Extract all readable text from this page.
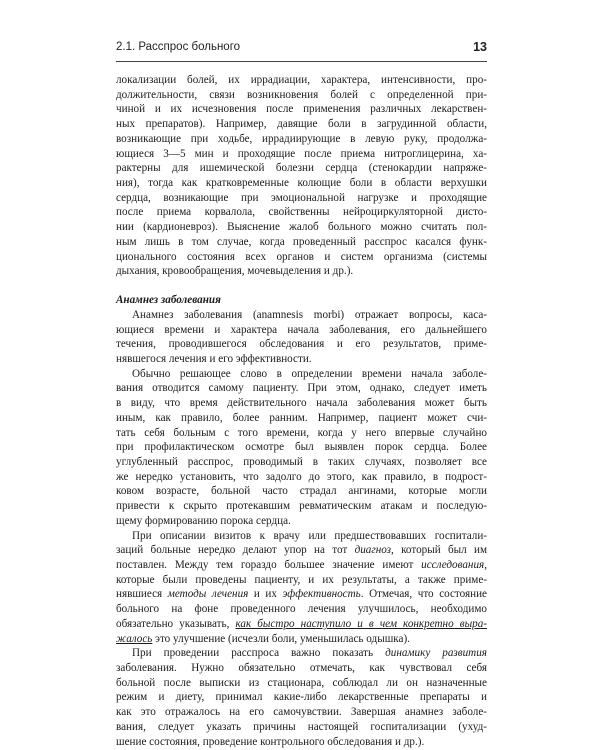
2.1. Расспрос больного	13
локализации болей, их иррадиации, характера, интенсивности, про-
должительности, связи возникновения болей с определенной при-
чиной и их исчезновения после применения различных лекарствен-
ных препаратов). Например, давящие боли в загрудинной области,
возникающие при ходьбе, иррадиирующие в левую руку, продолжа-
ющиеся 3—5 мин и проходящие после приема нитроглицерина, ха-
рактерны для ишемической болезни сердца (стенокардии напряже-
ния), тогда как кратковременные колющие боли в области верхушки
сердца, возникающие при эмоциональной нагрузке и проходящие
после приема корвалола, свойственны нейроциркуляторной дисто-
нии (кардионевроз). Выяснение жалоб больного можно считать пол-
ным лишь в том случае, когда проведенный расспрос касался функ-
ционального состояния всех органов и систем организма (системы
дыхания, кровообращения, мочевыделения и др.).
Анамнез заболевания
Анамнез заболевания (anamnesis morbi) отражает вопросы, каса-
ющиеся времени и характера начала заболевания, его дальнейшего
течения, проводившегося обследования и его результатов, приме-
нявшегося лечения и его эффективности.
Обычно решающее слово в определении времени начала заболе-
вания отводится самому пациенту. При этом, однако, следует иметь
в виду, что время действительного начала заболевания может быть
иным, как правило, более ранним. Например, пациент может счи-
тать себя больным с того времени, когда у него впервые случайно
при профилактическом осмотре был выявлен порок сердца. Более
углубленный расспрос, проводимый в таких случаях, позволяет все
же нередко установить, что задолго до этого, как правило, в подрост-
ковом возрасте, больной часто страдал ангинами, которые могли
привести к скрыто протекавшим ревматическим атакам и последую-
щему формированию порока сердца.
При описании визитов к врачу или предшествовавших госпитали-
заций больные нередко делают упор на тот диагноз, который был им
поставлен. Между тем гораздо большее значение имеют исследования,
которые были проведены пациенту, и их результаты, а также приме-
нявшиеся методы лечения и их эффективность. Отмечая, что состояние
больного на фоне проведенного лечения улучшилось, необходимо
обязательно указывать, как быстро наступило и в чем конкретно выра-
жалось это улучшение (исчезли боли, уменьшилась одышка).
При проведении расспроса важно показать динамику развития
заболевания. Нужно обязательно отмечать, как чувствовал себя
больной после выписки из стационара, соблюдал ли он назначенные
режим и диету, принимал какие-либо лекарственные препараты и
как это отражалось на его самочувствии. Завершая анамнез заболе-
вания, следует указать причины настоящей госпитализации (ухуд-
шение состояния, проведение контрольного обследования и др.).
